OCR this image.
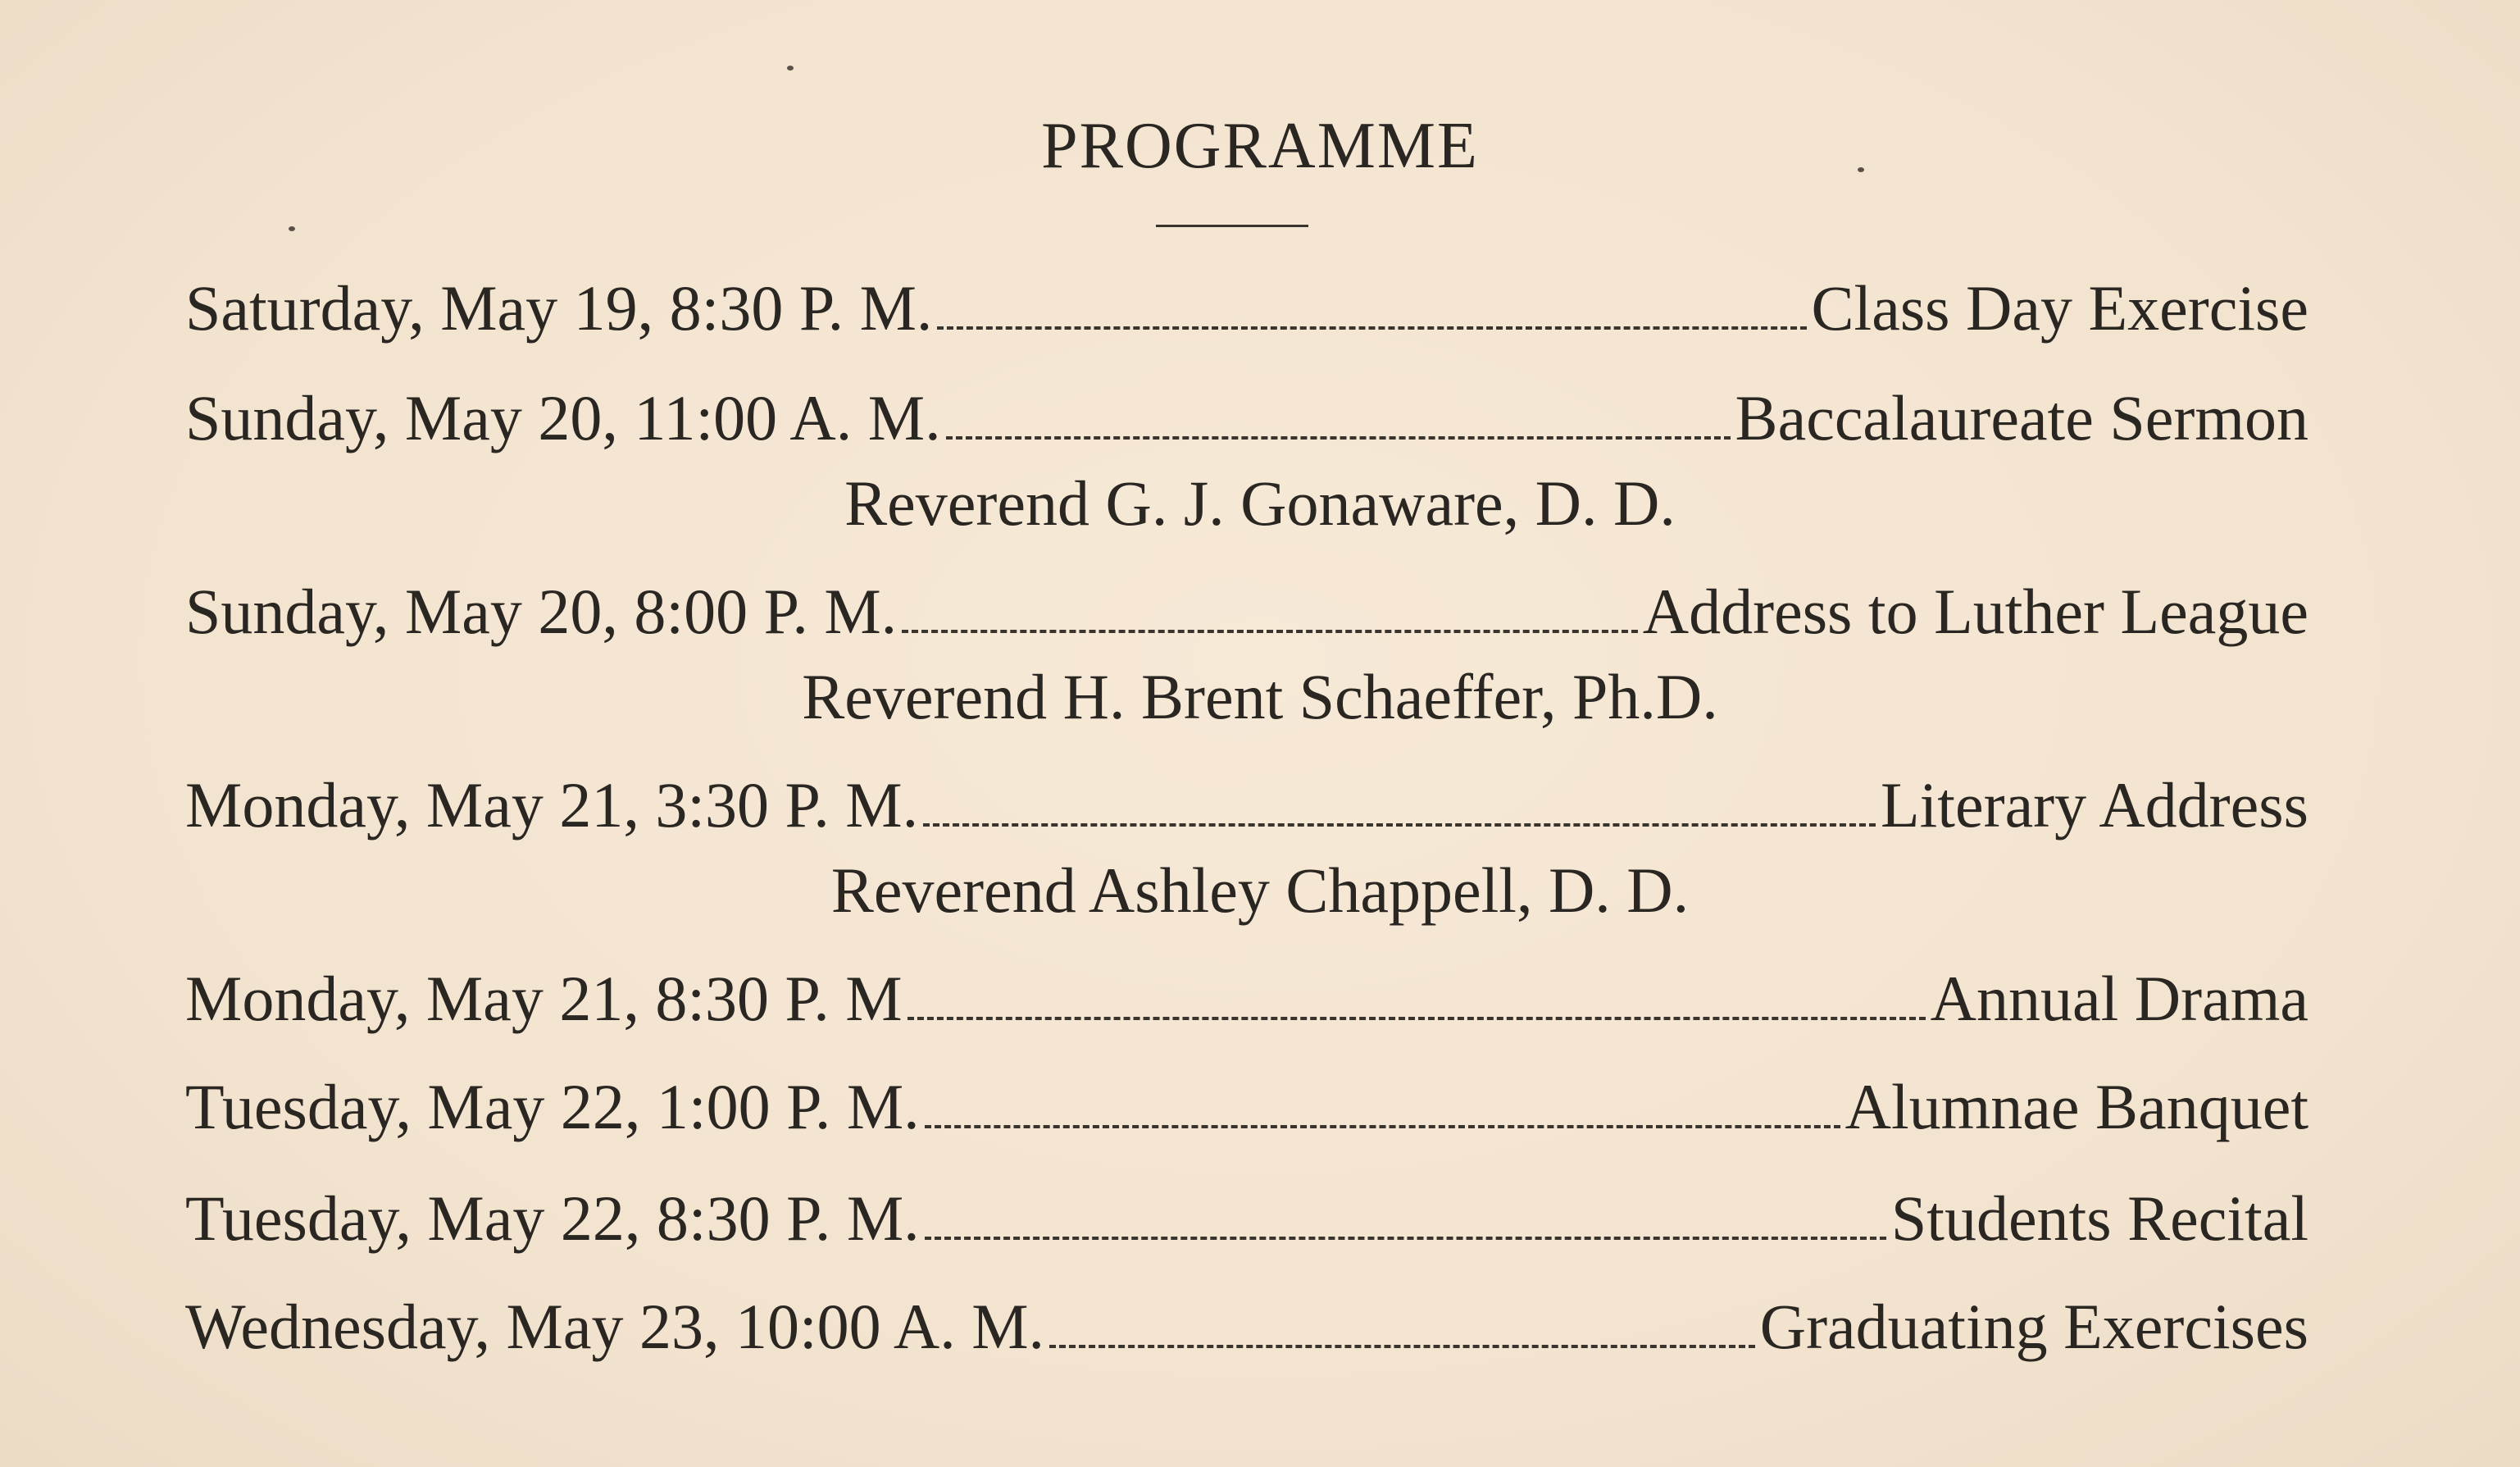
PROGRAMME
Saturday, May 19, 8:30 P. M.	Class Day Exercise
Sunday, May 20, 11:00 A. M.	Baccalaureate Sermon
Reverend G. J. Gonaware, D. D.
Sunday, May 20, 8:00 P. M.	Address to Luther League
Reverend H. Brent Schaeffer, Ph.D.
Monday, May 21, 3:30 P. M.	Literary Address
Reverend Ashley Chappell, D. D.
Monday, May 21, 8:30 P. M	Annual Drama
Tuesday, May 22, 1:00 P. M.	Alumnae Banquet
Tuesday, May 22, 8:30 P. M.	Students Recital
Wednesday, May 23, 10:00 A. M.	Graduating Exercises
